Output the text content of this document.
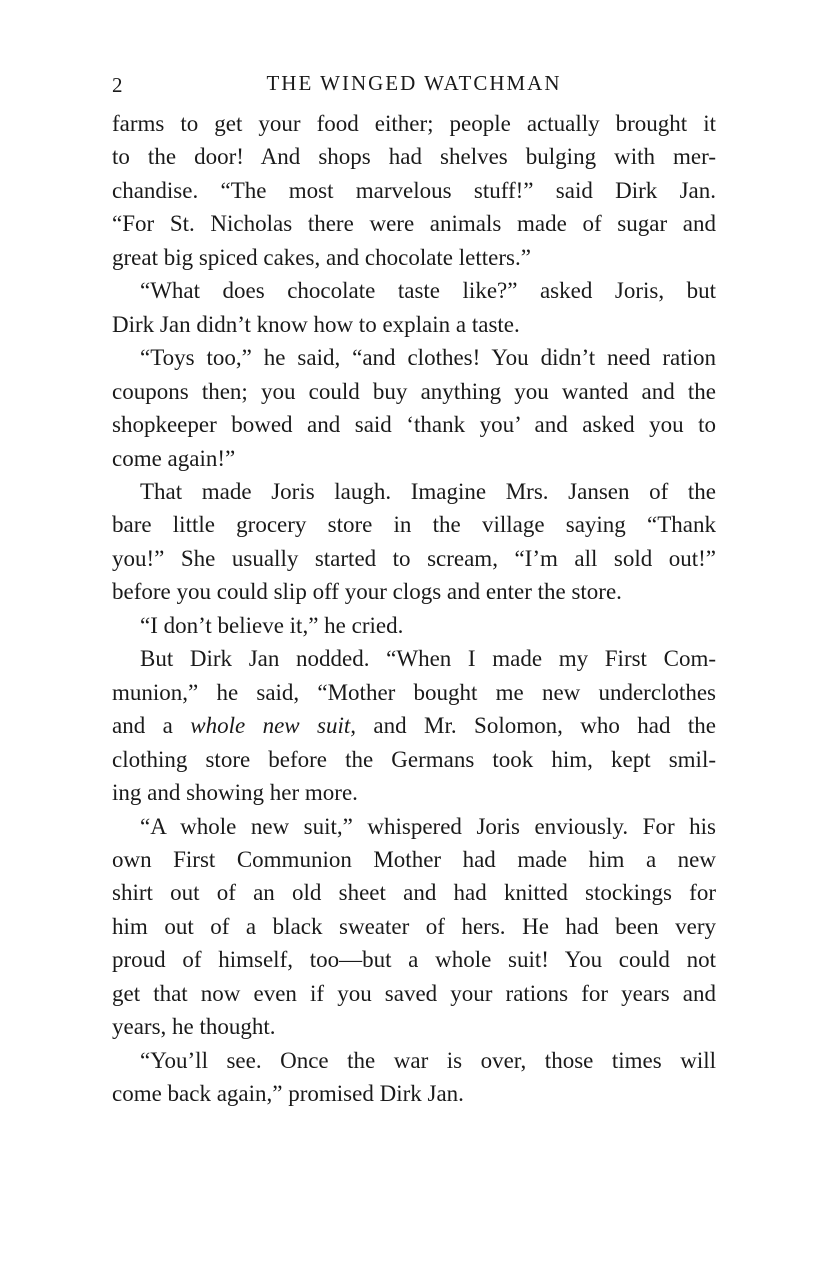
2	THE WINGED WATCHMAN

farms to get your food either; people actually brought it
to the door! And shops had shelves bulging with mer-
chandise. “The most marvelous stuff!” said Dirk Jan.
“For St. Nicholas there were animals made of sugar and
great big spiced cakes, and chocolate letters.”

“What does chocolate taste like?” asked Joris, but
Dirk Jan didn’t know how to explain a taste.

“Toys too,” he said, “and clothes! You didn’t need ration
coupons then; you could buy anything you wanted and the
shopkeeper bowed and said ‘thank you’ and asked you to
come again!”

That made Joris laugh. Imagine Mrs. Jansen of the
bare little grocery store in the village saying “Thank
you!” She usually started to scream, “I’m all sold out!”
before you could slip off your clogs and enter the store.

“I don’t believe it,” he cried.

But Dirk Jan nodded. “When I made my First Com-
munion,” he said, “Mother bought me new underclothes
and a whole new suit, and Mr. Solomon, who had the
clothing store before the Germans took him, kept smil-
ing and showing her more.

“A whole new suit,” whispered Joris enviously. For his
own First Communion Mother had made him a new
shirt out of an old sheet and had knitted stockings for
him out of a black sweater of hers. He had been very
proud of himself, too—but a whole suit! You could not
get that now even if you saved your rations for years and
years, he thought.

“You’ll see. Once the war is over, those times will
come back again,” promised Dirk Jan.
